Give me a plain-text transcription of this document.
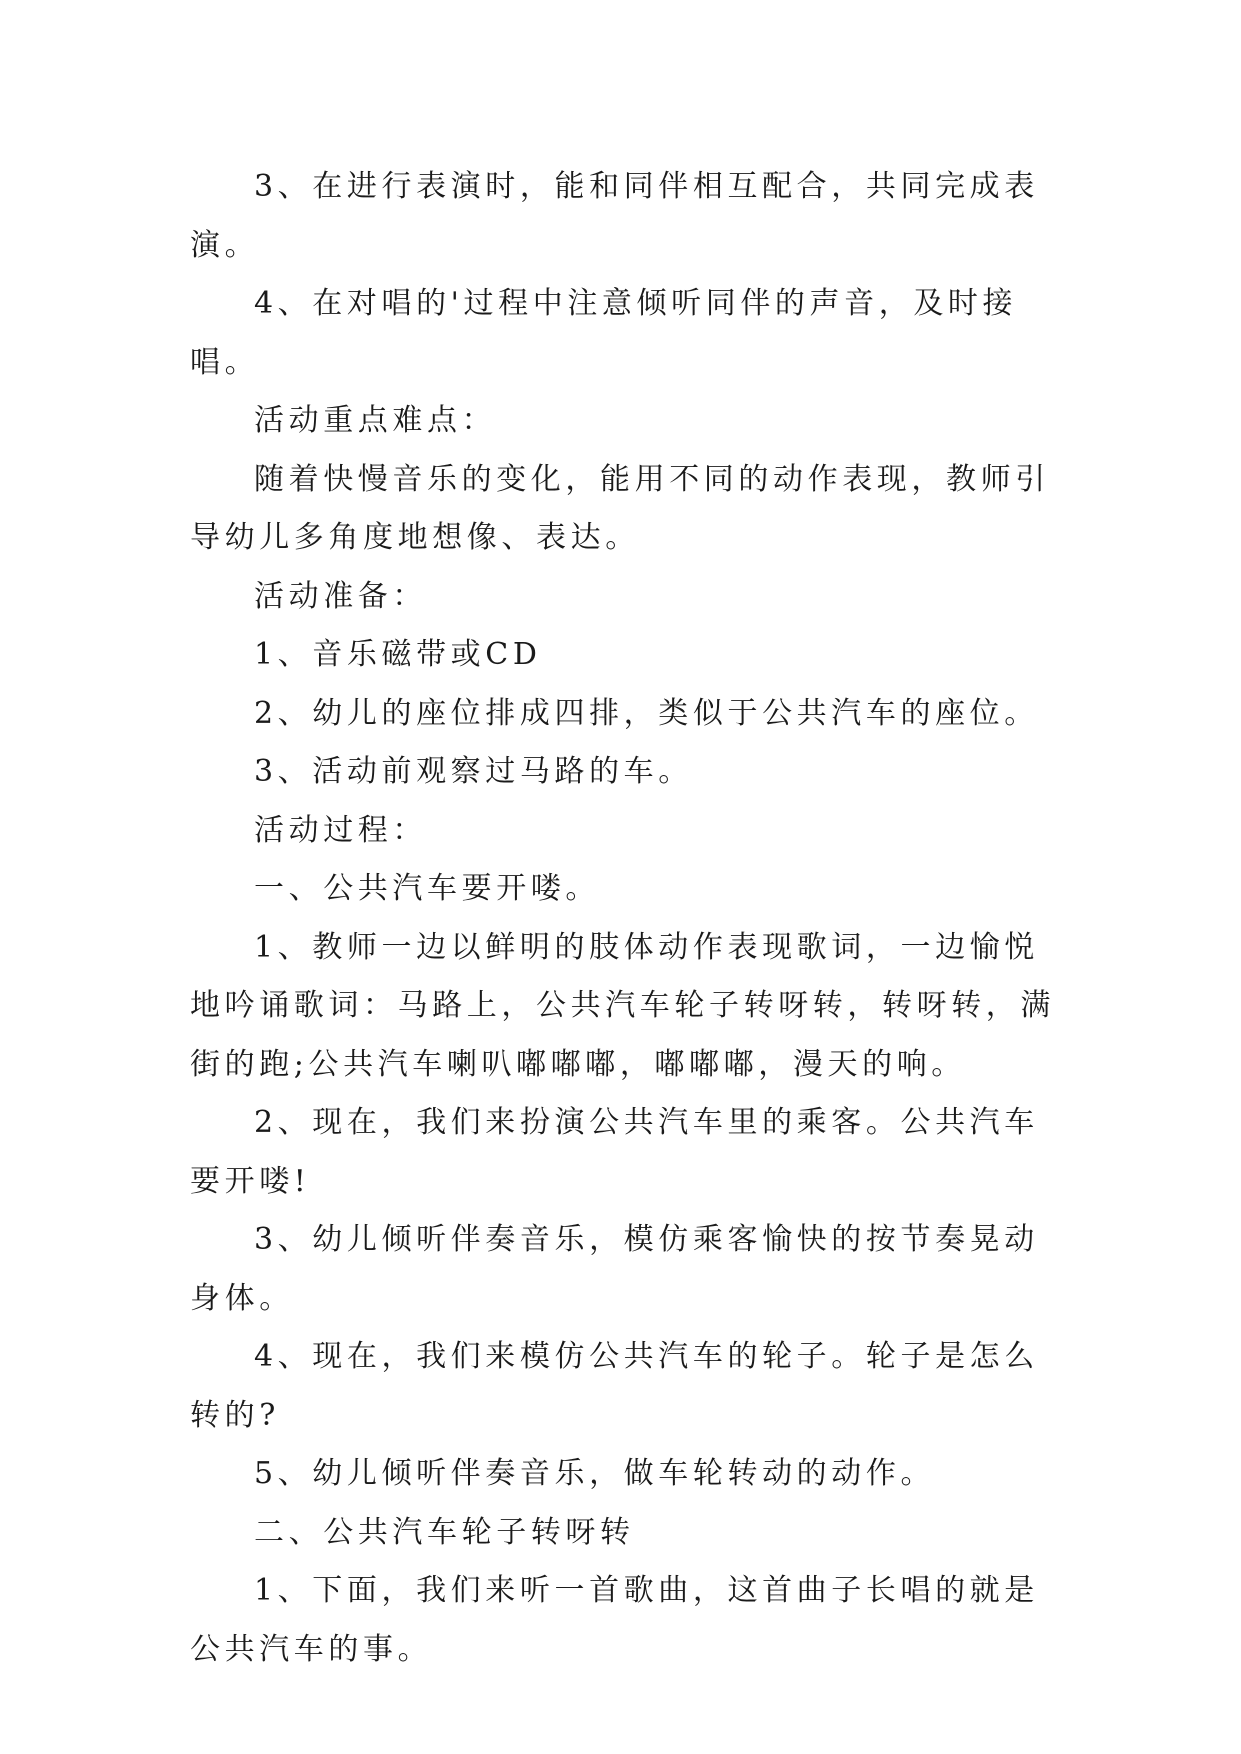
3、在进行表演时，能和同伴相互配合，共同完成表演。

4、在对唱的'过程中注意倾听同伴的声音，及时接唱。

活动重点难点：

随着快慢音乐的变化，能用不同的动作表现，教师引导幼儿多角度地想像、表达。

活动准备：

1、音乐磁带或CD

2、幼儿的座位排成四排，类似于公共汽车的座位。

3、活动前观察过马路的车。

活动过程：

一、公共汽车要开喽。

1、教师一边以鲜明的肢体动作表现歌词，一边愉悦地吟诵歌词：马路上，公共汽车轮子转呀转，转呀转，满街的跑;公共汽车喇叭嘟嘟嘟，嘟嘟嘟，漫天的响。

2、现在，我们来扮演公共汽车里的乘客。公共汽车要开喽!

3、幼儿倾听伴奏音乐，模仿乘客愉快的按节奏晃动身体。

4、现在，我们来模仿公共汽车的轮子。轮子是怎么转的?

5、幼儿倾听伴奏音乐，做车轮转动的动作。

二、公共汽车轮子转呀转

1、下面，我们来听一首歌曲，这首曲子长唱的就是公共汽车的事。
